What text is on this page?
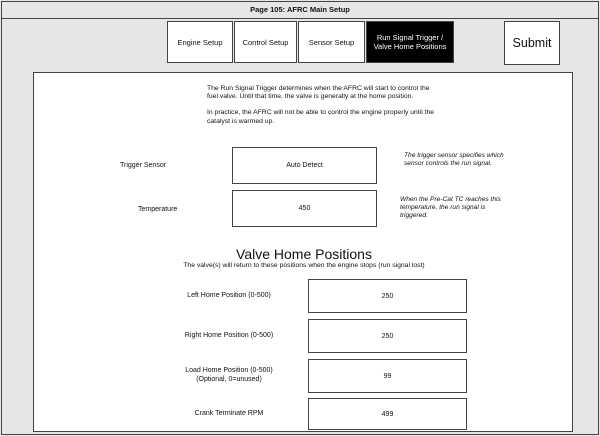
Page 105: AFRC Main Setup
Engine Setup	Control Setup	Sensor Setup	Run Signal Trigger / Valve Home Positions	Submit

The Run Signal Trigger determines when the AFRC will start to control the fuel valve. Until that time, the valve is generally at the home position.

In practice, the AFRC will not be able to control the engine properly until the catalyst is warmed up.

Trigger Sensor	Auto Detect
The trigger sensor specifies which sensor controls the run signal.
Temperature	450
When the Pre-Cat TC reaches this temperature, the run signal is triggered.
Valve Home Positions
The valve(s) will return to these positions when the engine stops (run signal lost)
Left Home Position (0-500)	250
Right Home Position (0-500)	250
Load Home Position (0-500)
(Optional, 0=unused)	99
Crank Terminate RPM	499
